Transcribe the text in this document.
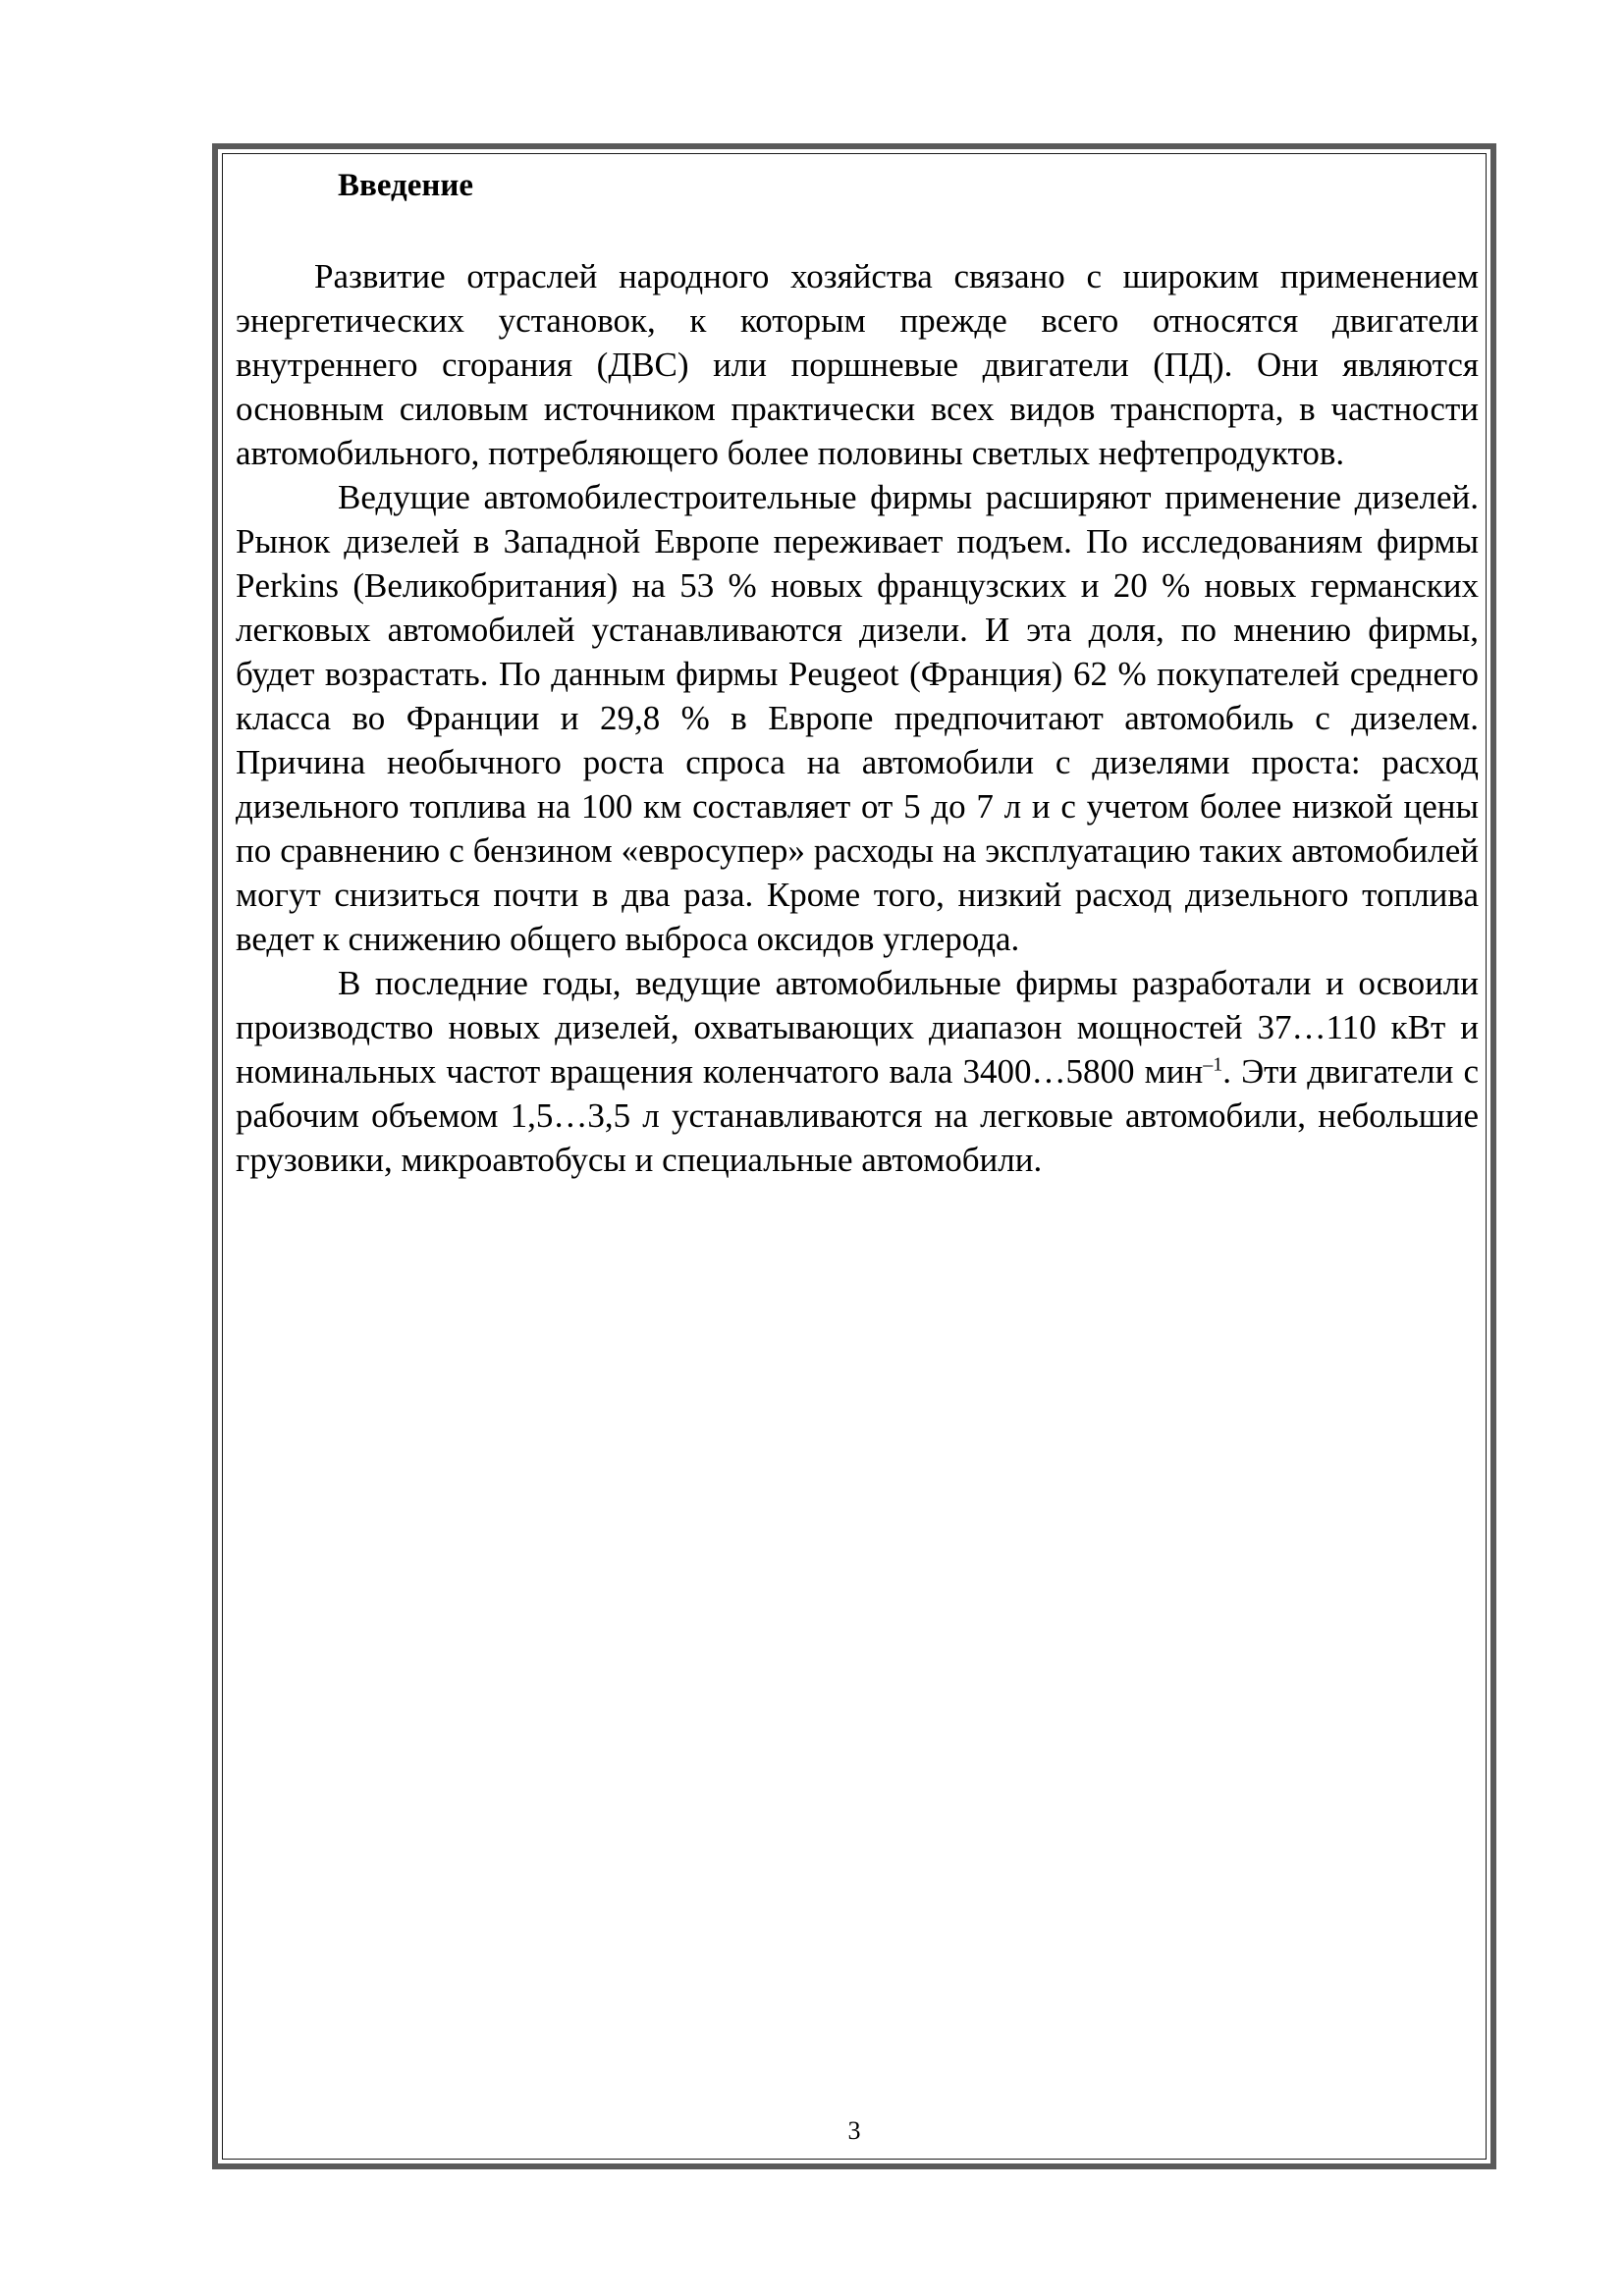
Введение

Развитие отраслей народного хозяйства связано с широким применением энергетических установок, к которым прежде всего относятся двигатели внутреннего сгорания (ДВС) или поршневые двигатели (ПД). Они являются основным силовым источником практически всех видов транспорта, в частности автомобильного, потребляющего более половины светлых нефтепродуктов.

Ведущие автомобилестроительные фирмы расширяют применение дизелей. Рынок дизелей в Западной Европе переживает подъем. По исследованиям фирмы Perkins (Великобритания) на 53 % новых французских и 20 % новых германских легковых автомобилей устанавливаются дизели. И эта доля, по мнению фирмы, будет возрастать. По данным фирмы Peugeot (Франция) 62 % покупателей среднего класса во Франции и 29,8 % в Европе предпочитают автомобиль с дизелем. Причина необычного роста спроса на автомобили с дизелями проста: расход дизельного топлива на 100 км составляет от 5 до 7 л и с учетом более низкой цены по сравнению с бензином «евросупер» расходы на эксплуатацию таких автомобилей могут снизиться почти в два раза. Кроме того, низкий расход дизельного топлива ведет к снижению общего выброса оксидов углерода.

В последние годы, ведущие автомобильные фирмы разработали и освоили производство новых дизелей, охватывающих диапазон мощностей 37…110 кВт и номинальных частот вращения коленчатого вала 3400…5800 мин$^{-1}$. Эти двигатели с рабочим объемом 1,5…3,5 л устанавливаются на легковые автомобили, небольшие грузовики, микроавтобусы и специальные автомобили.

3
